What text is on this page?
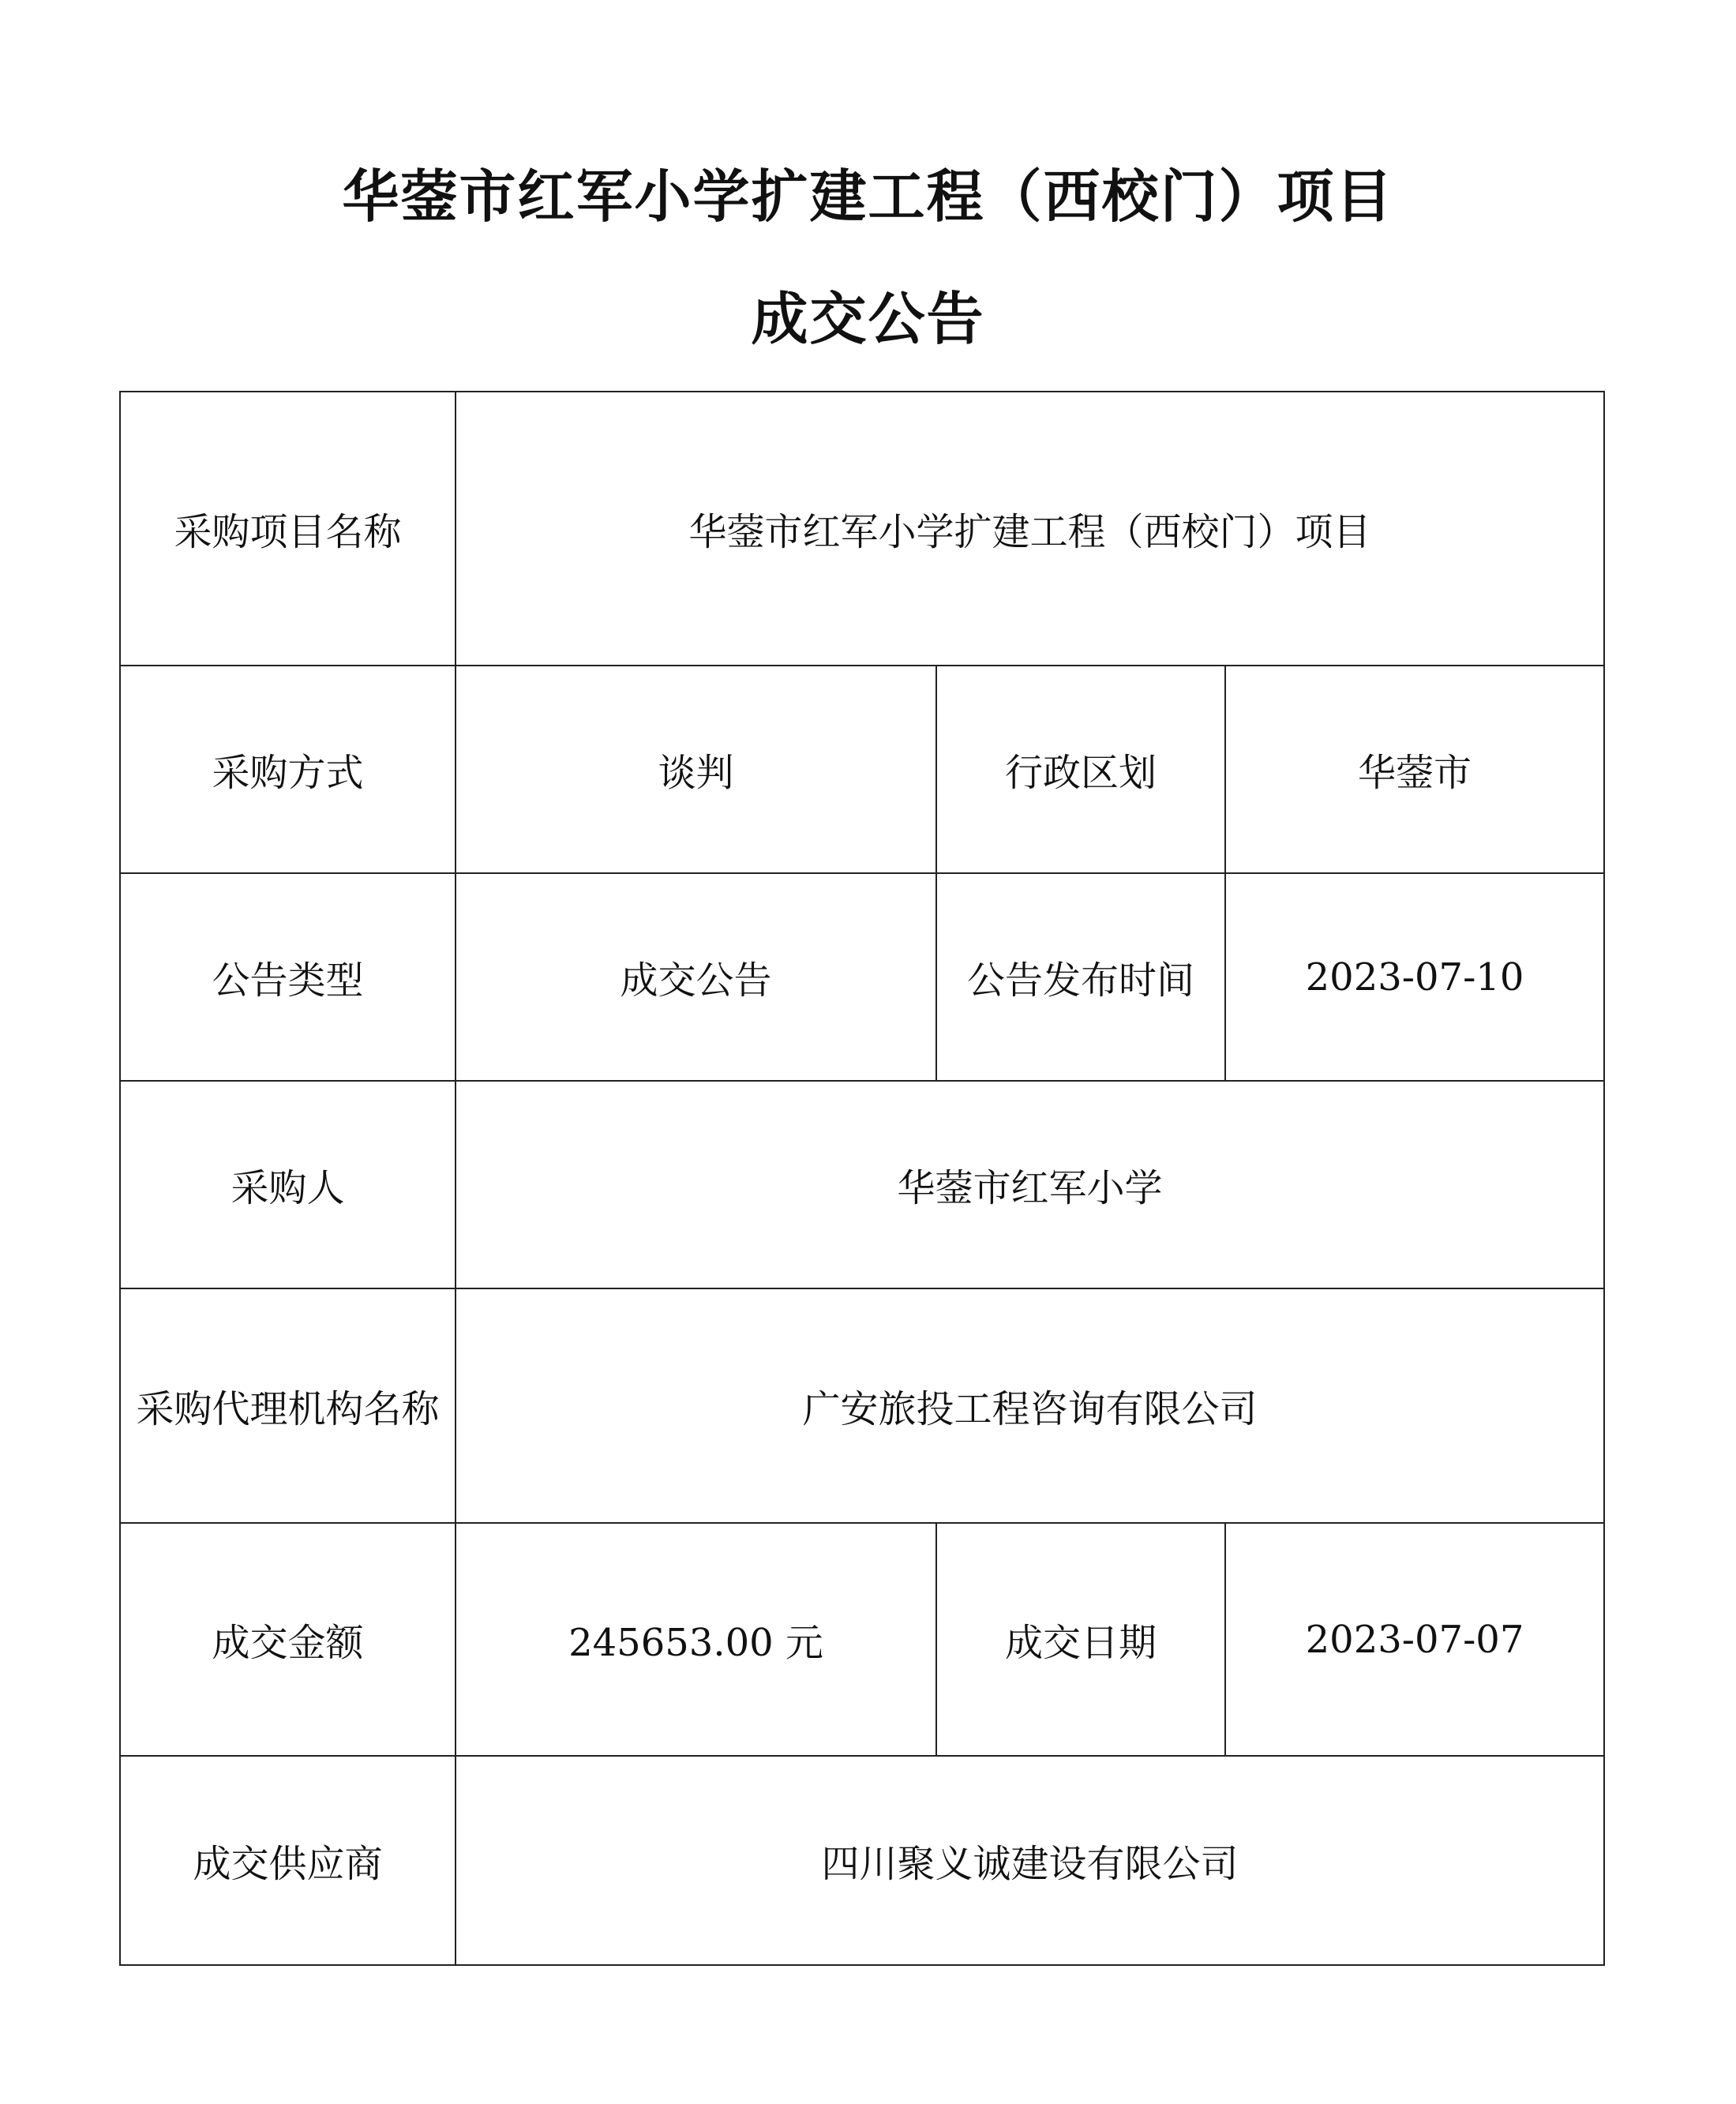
华蓥市红军小学扩建工程（西校门）项目
成交公告
采购项目名称	华蓥市红军小学扩建工程（西校门）项目		
采购方式	谈判	行政区划	华蓥市
公告类型	成交公告	公告发布时间	2023-07-10
采购人	华蓥市红军小学		
采购代理机构名称	广安旅投工程咨询有限公司		
成交金额	245653.00 元	成交日期	2023-07-07
成交供应商	四川聚义诚建设有限公司		
